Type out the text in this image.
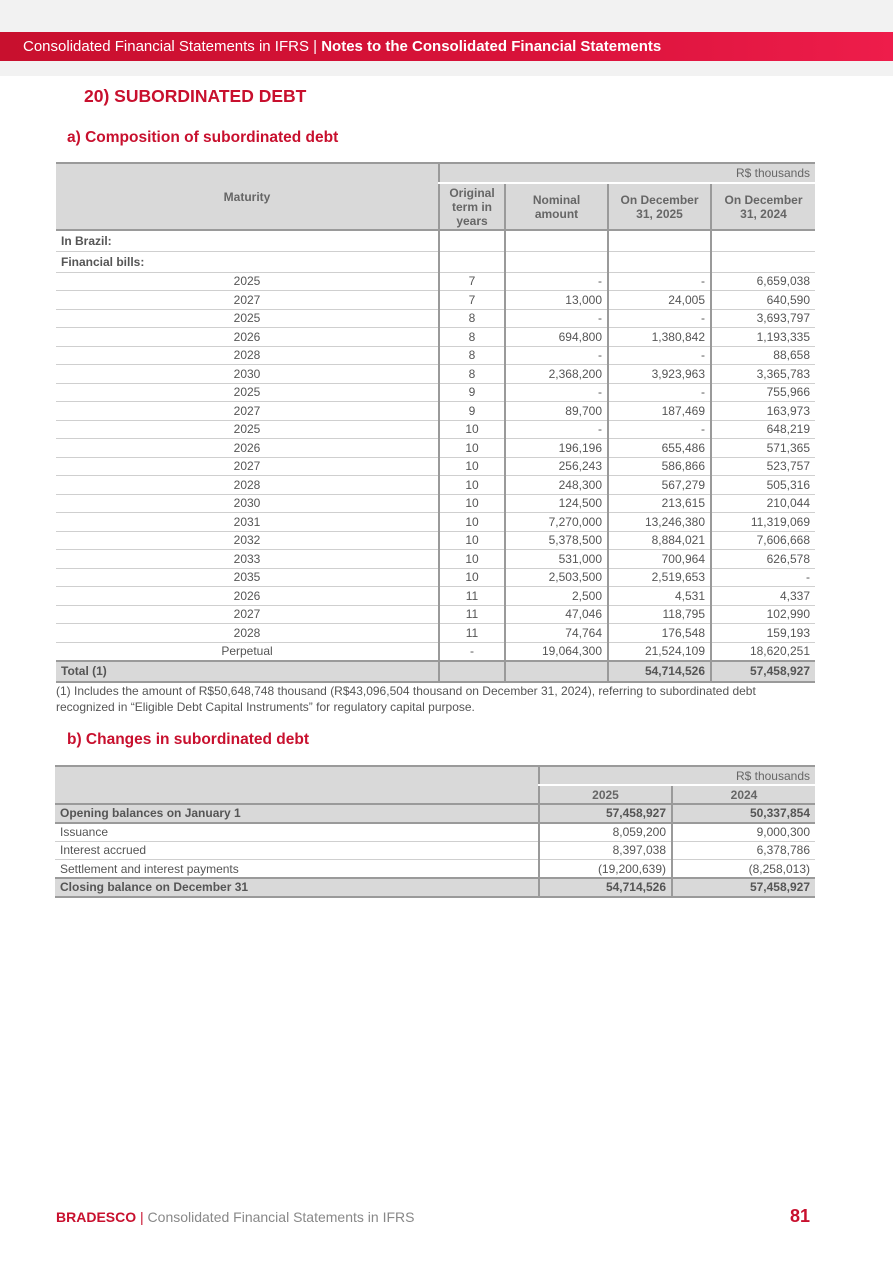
Consolidated Financial Statements in IFRS | Notes to the Consolidated Financial Statements
20) SUBORDINATED DEBT
a) Composition of subordinated debt
Maturity	R$ thousands			
	Original term in years	Nominal amount	On December 31, 2025	On December 31, 2024
In Brazil:				
Financial bills:				
2025	7	-	-	6,659,038
2027	7	13,000	24,005	640,590
2025	8	-	-	3,693,797
2026	8	694,800	1,380,842	1,193,335
2028	8	-	-	88,658
2030	8	2,368,200	3,923,963	3,365,783
2025	9	-	-	755,966
2027	9	89,700	187,469	163,973
2025	10	-	-	648,219
2026	10	196,196	655,486	571,365
2027	10	256,243	586,866	523,757
2028	10	248,300	567,279	505,316
2030	10	124,500	213,615	210,044
2031	10	7,270,000	13,246,380	11,319,069
2032	10	5,378,500	8,884,021	7,606,668
2033	10	531,000	700,964	626,578
2035	10	2,503,500	2,519,653	-
2026	11	2,500	4,531	4,337
2027	11	47,046	118,795	102,990
2028	11	74,764	176,548	159,193
Perpetual	-	19,064,300	21,524,109	18,620,251
Total (1)			54,714,526	57,458,927
(1) Includes the amount of R$50,648,748 thousand (R$43,096,504 thousand on December 31, 2024), referring to subordinated debt recognized in “Eligible Debt Capital Instruments” for regulatory capital purpose.
b) Changes in subordinated debt
	R$ thousands	
	2025	2024
Opening balances on January 1	57,458,927	50,337,854
Issuance	8,059,200	9,000,300
Interest accrued	8,397,038	6,378,786
Settlement and interest payments	(19,200,639)	(8,258,013)
Closing balance on December 31	54,714,526	57,458,927
BRADESCO | Consolidated Financial Statements in IFRS	81
